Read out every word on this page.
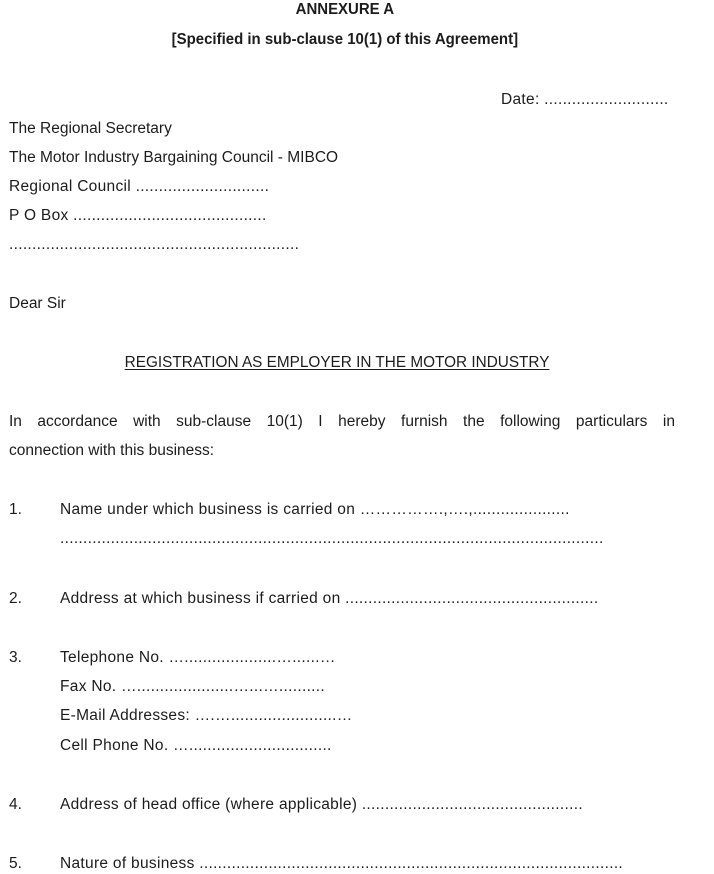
ANNEXURE A
[Specified in sub-clause 10(1) of this Agreement]
Date: ...........................
The Regional Secretary
The Motor Industry Bargaining Council - MIBCO
Regional Council .............................
P O Box ..........................................
...............................................................
Dear Sir
REGISTRATION AS EMPLOYER IN THE MOTOR INDUSTRY
In accordance with sub-clause 10(1) I hereby furnish the following particulars in
connection with this business:
1. Name under which business is carried on …………….,….,.....................
......................................................................................................................
2. Address at which business if carried on .......................................................
3. Telephone No. …....................…......…
Fax No. ….....................…...…..........
E-Mail Addresses: ….….......................…
Cell Phone No. …...............................
4. Address of head office (where applicable) ................................................
5. Nature of business ............................................................................................
